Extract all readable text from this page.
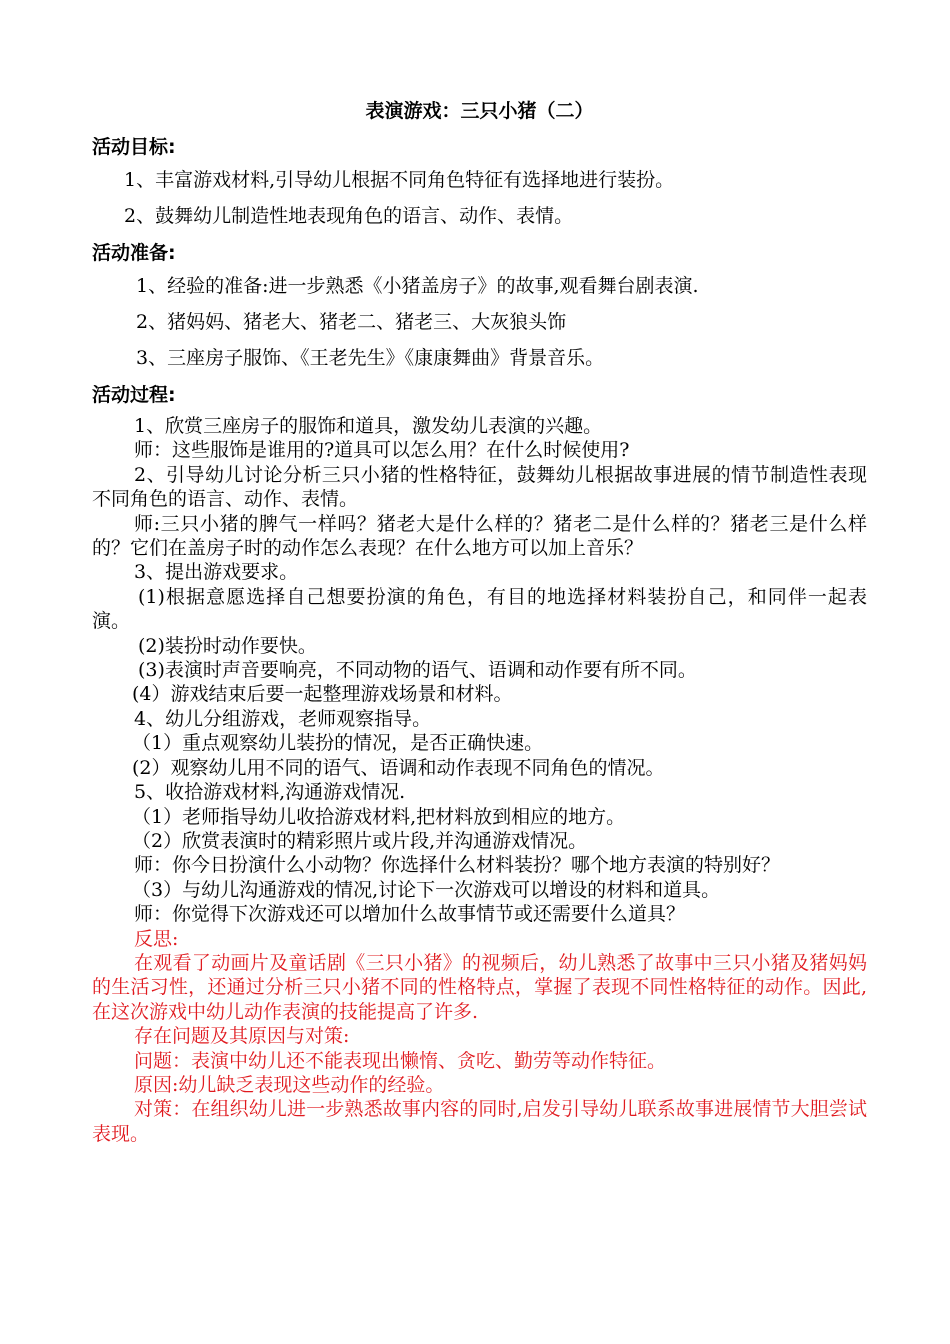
表演游戏：三只小猪（二）
活动目标:

1、丰富游戏材料,引导幼儿根据不同角色特征有选择地进行装扮。

2、鼓舞幼儿制造性地表现角色的语言、动作、表情。

活动准备:

1、经验的准备:进一步熟悉《小猪盖房子》的故事,观看舞台剧表演.

2、猪妈妈、猪老大、猪老二、猪老三、大灰狼头饰

3、三座房子服饰、《王老先生》《康康舞曲》背景音乐。

活动过程:

1、欣赏三座房子的服饰和道具，激发幼儿表演的兴趣。

师：这些服饰是谁用的?道具可以怎么用？在什么时候使用?

2、引导幼儿讨论分析三只小猪的性格特征，鼓舞幼儿根据故事进展的情节制造性表现不同角色的语言、动作、表情。

师:三只小猪的脾气一样吗？猪老大是什么样的？猪老二是什么样的？猪老三是什么样的？它们在盖房子时的动作怎么表现？在什么地方可以加上音乐？

3、提出游戏要求。

(1)根据意愿选择自己想要扮演的角色，有目的地选择材料装扮自己，和同伴一起表演。

(2)装扮时动作要快。

(3)表演时声音要响亮，不同动物的语气、语调和动作要有所不同。

(4）游戏结束后要一起整理游戏场景和材料。

4、幼儿分组游戏，老师观察指导。

（1）重点观察幼儿装扮的情况，是否正确快速。

(2）观察幼儿用不同的语气、语调和动作表现不同角色的情况。

5、收拾游戏材料,沟通游戏情况.

（1）老师指导幼儿收拾游戏材料,把材料放到相应的地方。

（2）欣赏表演时的精彩照片或片段,并沟通游戏情况。

师：你今日扮演什么小动物？你选择什么材料装扮？哪个地方表演的特别好？

（3）与幼儿沟通游戏的情况,讨论下一次游戏可以增设的材料和道具。

师：你觉得下次游戏还可以增加什么故事情节或还需要什么道具？

反思:

在观看了动画片及童话剧《三只小猪》的视频后，幼儿熟悉了故事中三只小猪及猪妈妈的生活习性，还通过分析三只小猪不同的性格特点，掌握了表现不同性格特征的动作。因此,在这次游戏中幼儿动作表演的技能提高了许多.

存在问题及其原因与对策:

问题：表演中幼儿还不能表现出懒惰、贪吃、勤劳等动作特征。

原因:幼儿缺乏表现这些动作的经验。

对策：在组织幼儿进一步熟悉故事内容的同时,启发引导幼儿联系故事进展情节大胆尝试表现。
